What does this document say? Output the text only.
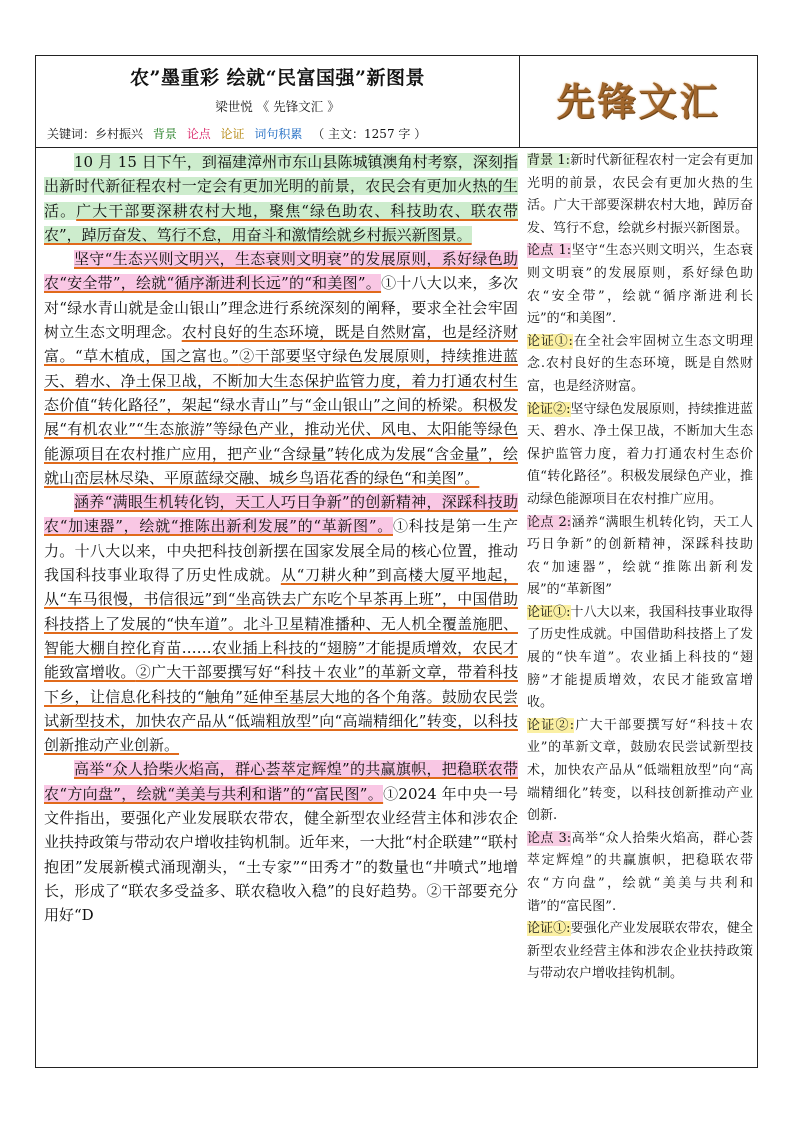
农”墨重彩 绘就“民富国强”新图景
梁世悦 《 先锋文汇 》
关键词：乡村振兴 背景 论点 论证 词句积累 （ 主文：1257 字 ）
先锋文汇

10 月 15 日下午，到福建漳州市东山县陈城镇澳角村考察，深刻指出新时代新征程农村一定会有更加光明的前景，农民会有更加火热的生活。广大干部要深耕农村大地，聚焦“绿色助农、科技助农、联农带农”，踔厉奋发、笃行不怠，用奋斗和激情绘就乡村振兴新图景。

坚守“生态兴则文明兴，生态衰则文明衰”的发展原则，系好绿色助农“安全带”，绘就“循序渐进利长远”的“和美图”。①十八大以来，多次对“绿水青山就是金山银山”理念进行系统深刻的阐释，要求全社会牢固树立生态文明理念。农村良好的生态环境，既是自然财富，也是经济财富。“草木植成，国之富也。”②干部要坚守绿色发展原则，持续推进蓝天、碧水、净土保卫战，不断加大生态保护监管力度，着力打通农村生态价值“转化路径”，架起“绿水青山”与“金山银山”之间的桥梁。积极发展“有机农业”“生态旅游”等绿色产业，推动光伏、风电、太阳能等绿色能源项目在农村推广应用，把产业“含绿量”转化成为发展“含金量”，绘就山峦层林尽染、平原蓝绿交融、城乡鸟语花香的绿色“和美图”。

涵养“满眼生机转化钧，天工人巧日争新”的创新精神，深踩科技助农“加速器”，绘就“推陈出新利发展”的“革新图”。①科技是第一生产力。十八大以来，中央把科技创新摆在国家发展全局的核心位置，推动我国科技事业取得了历史性成就。从“刀耕火种”到高楼大厦平地起，从“车马很慢，书信很远”到“坐高铁去广东吃个早茶再上班”，中国借助科技搭上了发展的“快车道”。北斗卫星精准播种、无人机全覆盖施肥、智能大棚自控化育苗……农业插上科技的“翅膀”才能提质增效，农民才能致富增收。②广大干部要撰写好“科技＋农业”的革新文章，带着科技下乡，让信息化科技的“触角”延伸至基层大地的各个角落。鼓励农民尝试新型技术，加快农产品从“低端粗放型”向“高端精细化”转变，以科技创新推动产业创新。

高举“众人拾柴火焰高，群心荟萃定辉煌”的共赢旗帜，把稳联农带农“方向盘”，绘就“美美与共利和谐”的“富民图”。①2024 年中央一号文件指出，要强化产业发展联农带农，健全新型农业经营主体和涉农企业扶持政策与带动农户增收挂钩机制。近年来，一大批“村企联建”“联村抱团”发展新模式涌现潮头，“土专家”“田秀才”的数量也“井喷式”地增长，形成了“联农多受益多、联农稳收入稳”的良好趋势。②干部要充分用好“D

背景 1:新时代新征程农村一定会有更加光明的前景，农民会有更加火热的生活。广大干部要深耕农村大地，踔厉奋发、笃行不怠，绘就乡村振兴新图景。

论点 1:坚守“生态兴则文明兴，生态衰则文明衰”的发展原则，系好绿色助农“安全带”，绘就“循序渐进利长远”的“和美图”.

论证①:在全社会牢固树立生态文明理念.农村良好的生态环境，既是自然财富，也是经济财富。

论证②:坚守绿色发展原则，持续推进蓝天、碧水、净土保卫战，不断加大生态保护监管力度，着力打通农村生态价值“转化路径”。积极发展绿色产业，推动绿色能源项目在农村推广应用。

论点 2:涵养“满眼生机转化钧，天工人巧日争新”的创新精神，深踩科技助农“加速器”，绘就“推陈出新利发展”的“革新图”

论证①:十八大以来，我国科技事业取得了历史性成就。中国借助科技搭上了发展的“快车道”。农业插上科技的“翅膀”才能提质增效，农民才能致富增收。

论证②:广大干部要撰写好“科技＋农业”的革新文章，鼓励农民尝试新型技术，加快农产品从“低端粗放型”向“高端精细化”转变，以科技创新推动产业创新.

论点 3:高举“众人拾柴火焰高，群心荟萃定辉煌”的共赢旗帜，把稳联农带农“方向盘”，绘就“美美与共利和谐”的“富民图”.

论证①:要强化产业发展联农带农，健全新型农业经营主体和涉农企业扶持政策与带动农户增收挂钩机制。
